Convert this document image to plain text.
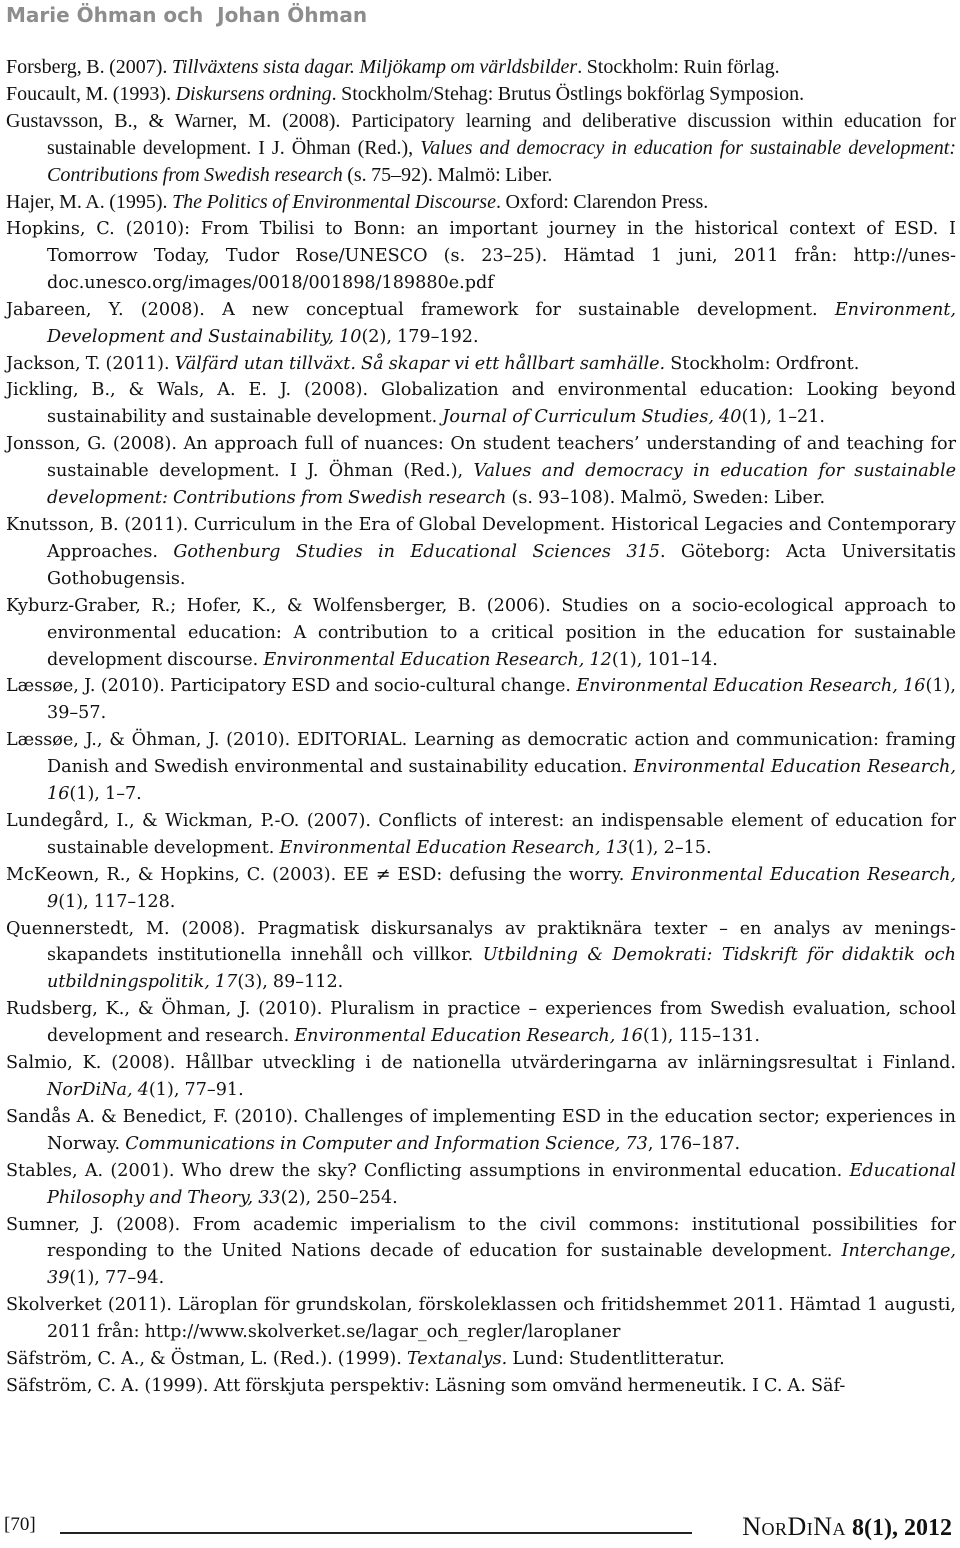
Marie Öhman och  Johan Öhman

Forsberg, B. (2007). Tillväxtens sista dagar. Miljökamp om världsbilder. Stockholm: Ruin förlag.

Foucault, M. (1993). Diskursens ordning. Stockholm/Stehag: Brutus Östlings bokförlag Symposion.

Gustavsson, B., & Warner, M. (2008). Participatory learning and deliberative discussion within education for sustainable development. I J. Öhman (Red.), Values and democracy in education for sustainable development: Contributions from Swedish research (s. 75–92). Malmö: Liber.

Hajer, M. A. (1995). The Politics of Environmental Discourse. Oxford: Clarendon Press.

Hopkins, C. (2010): From Tbilisi to Bonn: an important journey in the historical context of ESD. I Tomorrow Today, Tudor Rose/UNESCO (s. 23–25). Hämtad 1 juni, 2011 från: http://unesdoc.unesco.org/images/0018/001898/189880e.pdf

Jabareen, Y. (2008). A new conceptual framework for sustainable development. Environment, Development and Sustainability, 10(2), 179–192.

Jackson, T. (2011). Välfärd utan tillväxt. Så skapar vi ett hållbart samhälle. Stockholm: Ordfront.

Jickling, B., & Wals, A. E. J. (2008). Globalization and environmental education: Looking beyond sustainability and sustainable development. Journal of Curriculum Studies, 40(1), 1–21.

Jonsson, G. (2008). An approach full of nuances: On student teachers’ understanding of and teaching for sustainable development. I J. Öhman (Red.), Values and democracy in education for sustainable development: Contributions from Swedish research (s. 93–108). Malmö, Sweden: Liber.

Knutsson, B. (2011). Curriculum in the Era of Global Development. Historical Legacies and Contemporary Approaches. Gothenburg Studies in Educational Sciences 315. Göteborg: Acta Universitatis Gothobugensis.

Kyburz-Graber, R.; Hofer, K., & Wolfensberger, B. (2006). Studies on a socio-ecological approach to environmental education: A contribution to a critical position in the education for sustainable development discourse. Environmental Education Research, 12(1), 101–14.

Læssøe, J. (2010). Participatory ESD and socio-cultural change. Environmental Education Research, 16(1), 39–57.

Læssøe, J., & Öhman, J. (2010). EDITORIAL. Learning as democratic action and communication: framing Danish and Swedish environmental and sustainability education. Environmental Education Research, 16(1), 1–7.

Lundegård, I., & Wickman, P.-O. (2007). Conflicts of interest: an indispensable element of education for sustainable development. Environmental Education Research, 13(1), 2–15.

McKeown, R., & Hopkins, C. (2003). EE ≠ ESD: defusing the worry. Environmental Education Research, 9(1), 117–128.

Quennerstedt, M. (2008). Pragmatisk diskursanalys av praktiknära texter – en analys av meningsskapandets institutionella innehåll och villkor. Utbildning & Demokrati: Tidskrift för didaktik och utbildningspolitik, 17(3), 89–112.

Rudsberg, K., & Öhman, J. (2010). Pluralism in practice – experiences from Swedish evaluation, school development and research. Environmental Education Research, 16(1), 115–131.

Salmio, K. (2008). Hållbar utveckling i de nationella utvärderingarna av inlärningsresultat i Finland. NorDiNa, 4(1), 77–91.

Sandås A. & Benedict, F. (2010). Challenges of implementing ESD in the education sector; experiences in Norway. Communications in Computer and Information Science, 73, 176–187.

Stables, A. (2001). Who drew the sky? Conflicting assumptions in environmental education. Educational Philosophy and Theory, 33(2), 250–254.

Sumner, J. (2008). From academic imperialism to the civil commons: institutional possibilities for responding to the United Nations decade of education for sustainable development. Interchange, 39(1), 77–94.

Skolverket (2011). Läroplan för grundskolan, förskoleklassen och fritidshemmet 2011. Hämtad 1 augusti, 2011 från: http://www.skolverket.se/lagar_och_regler/laroplaner

Säfström, C. A., & Östman, L. (Red.). (1999). Textanalys. Lund: Studentlitteratur.

Säfström, C. A. (1999). Att förskjuta perspektiv: Läsning som omvänd hermeneutik. I C. A. Säf-

[70]	NorDiNa 8(1), 2012
